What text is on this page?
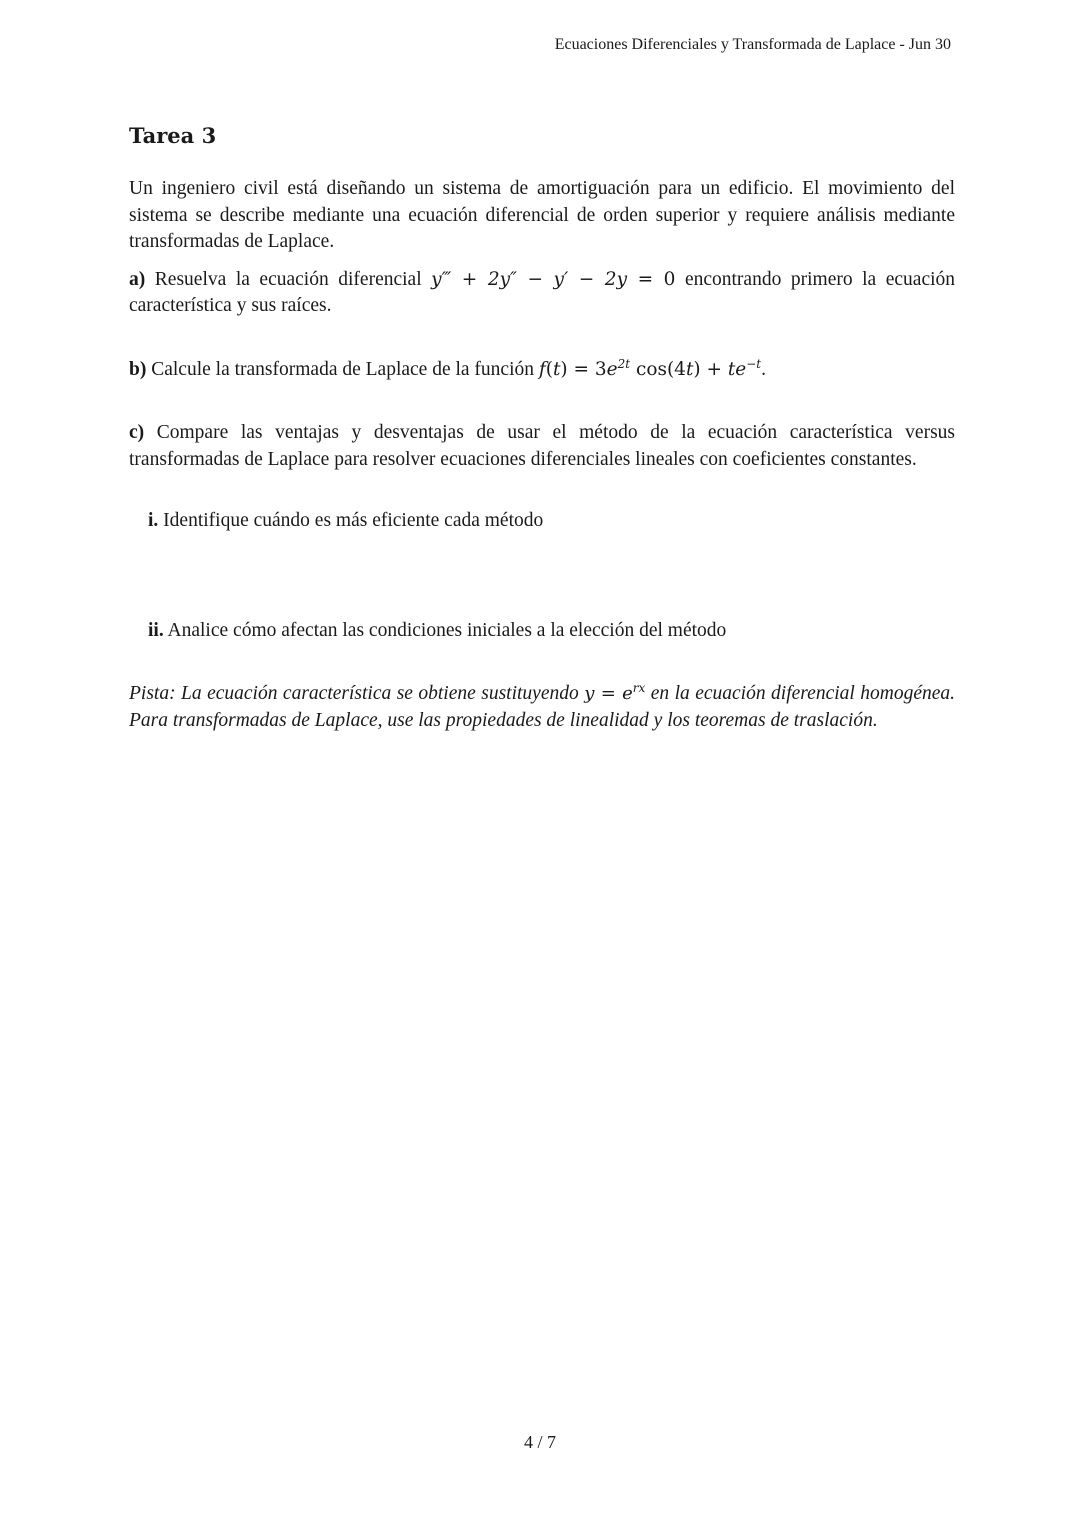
Ecuaciones Diferenciales y Transformada de Laplace - Jun 30
Tarea 3

Un ingeniero civil está diseñando un sistema de amortiguación para un edificio. El movimiento del sistema se describe mediante una ecuación diferencial de orden superior y requiere análisis mediante transformadas de Laplace.

a) Resuelva la ecuación diferencial y‴ + 2y″ − y′ − 2y = 0 encontrando primero la ecuación característica y sus raíces.

b) Calcule la transformada de Laplace de la función $f(t) = 3e^{2t}$ $\cos(4t) + te^{-t}$.

c) Compare las ventajas y desventajas de usar el método de la ecuación característica versus transformadas de Laplace para resolver ecuaciones diferenciales lineales con coeficientes constantes.

i. Identifique cuándo es más eficiente cada método

ii. Analice cómo afectan las condiciones iniciales a la elección del método

Pista: La ecuación característica se obtiene sustituyendo $y = e^{rx}$ en la ecuación diferencial homogénea. Para transformadas de Laplace, use las propiedades de linealidad y los teoremas de traslación.

4 / 7
